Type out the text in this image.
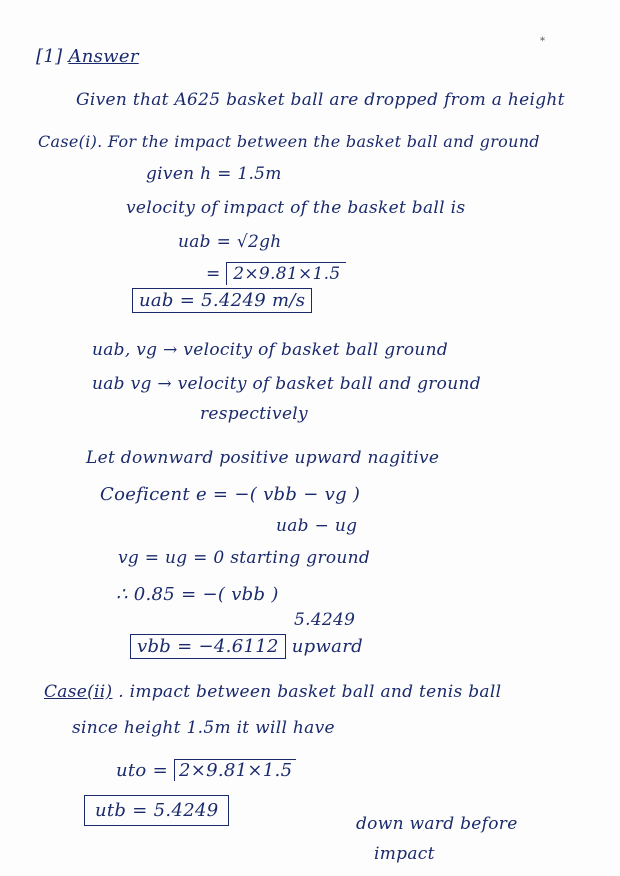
*
[1] Answer
Given that A625 basket ball are dropped from a height
Case(i). For the impact between the basket ball and ground
given h = 1.5m
velocity of impact of the basket ball is
uab = √2gh
= 2×9.81×1.5
uab = 5.4249 m/s
uab, vg → velocity of basket ball ground
uab vg → velocity of basket ball and ground
respectively
Let downward positive upward nagitive
Coeficent e = −( vbb − vg )
uab − ug
vg = ug = 0 starting ground
∴ 0.85 = −( vbb )
5.4249
vbb = −4.6112 upward
Case(ii) . impact between basket ball and tenis ball
since height 1.5m it will have
uto = 2×9.81×1.5
utb = 5.4249
down ward before
impact
